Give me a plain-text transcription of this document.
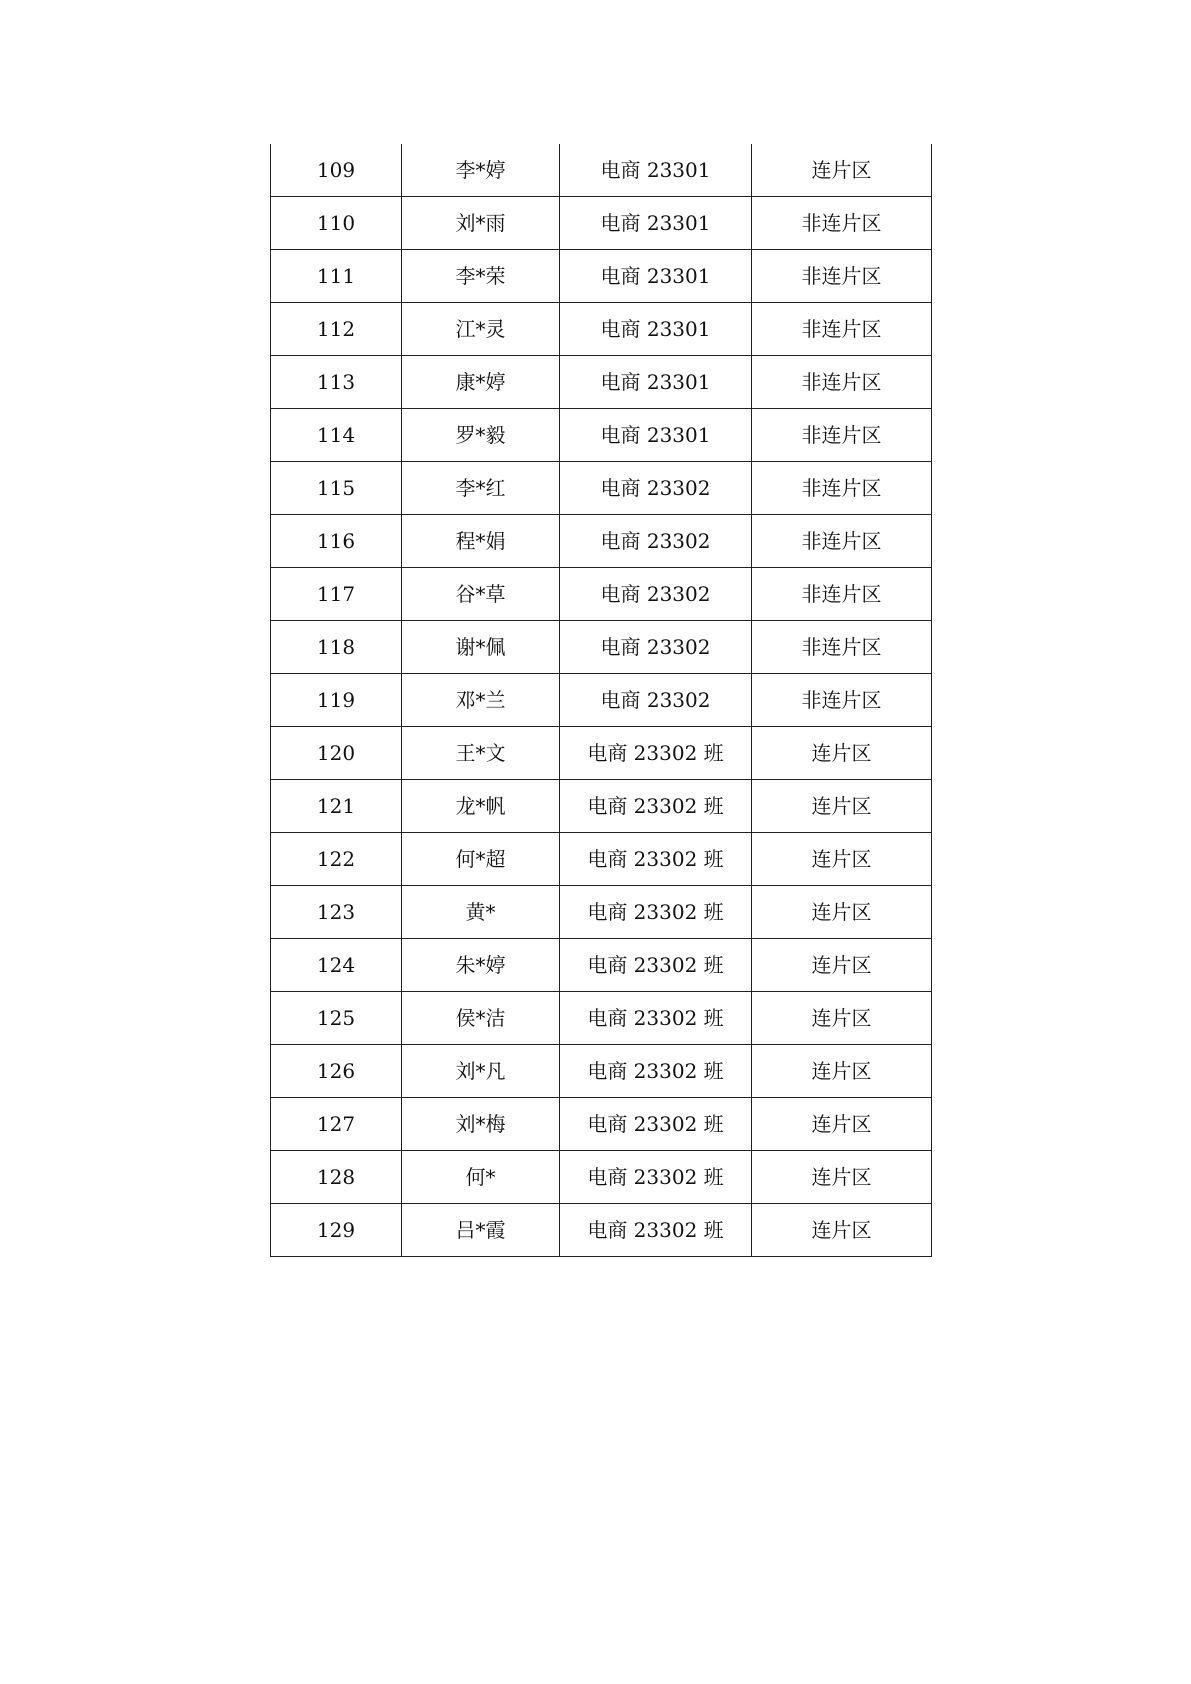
109	李*婷	电商 23301	连片区
110	刘*雨	电商 23301	非连片区
111	李*荣	电商 23301	非连片区
112	江*灵	电商 23301	非连片区
113	康*婷	电商 23301	非连片区
114	罗*毅	电商 23301	非连片区
115	李*红	电商 23302	非连片区
116	程*娟	电商 23302	非连片区
117	谷*草	电商 23302	非连片区
118	谢*佩	电商 23302	非连片区
119	邓*兰	电商 23302	非连片区
120	王*文	电商 23302 班	连片区
121	龙*帆	电商 23302 班	连片区
122	何*超	电商 23302 班	连片区
123	黄*	电商 23302 班	连片区
124	朱*婷	电商 23302 班	连片区
125	侯*洁	电商 23302 班	连片区
126	刘*凡	电商 23302 班	连片区
127	刘*梅	电商 23302 班	连片区
128	何*	电商 23302 班	连片区
129	吕*霞	电商 23302 班	连片区
